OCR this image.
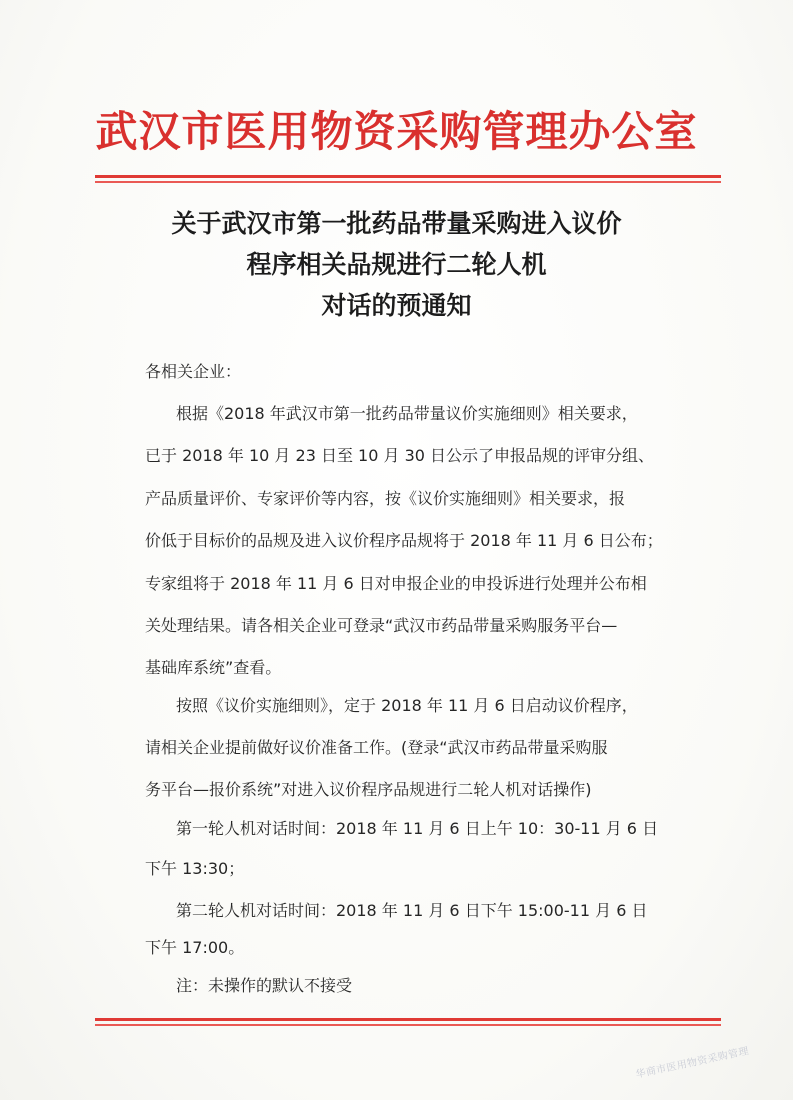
武汉市医用物资采购管理办公室
关于武汉市第一批药品带量采购进入议价
程序相关品规进行二轮人机
对话的预通知
各相关企业：
根据《2018 年武汉市第一批药品带量议价实施细则》相关要求，
已于 2018 年 10 月 23 日至 10 月 30 日公示了申报品规的评审分组、
产品质量评价、专家评价等内容，按《议价实施细则》相关要求，报
价低于目标价的品规及进入议价程序品规将于 2018 年 11 月 6 日公布；
专家组将于 2018 年 11 月 6 日对申报企业的申投诉进行处理并公布相
关处理结果。请各相关企业可登录“武汉市药品带量采购服务平台—
基础库系统”查看。
按照《议价实施细则》，定于 2018 年 11 月 6 日启动议价程序，
请相关企业提前做好议价准备工作。(登录“武汉市药品带量采购服
务平台—报价系统”对进入议价程序品规进行二轮人机对话操作)
第一轮人机对话时间：2018 年 11 月 6 日上午 10：30-11 月 6 日
下午 13:30；
第二轮人机对话时间：2018 年 11 月 6 日下午 15:00-11 月 6 日
下午 17:00。
注：未操作的默认不接受
华商市医用物资采购管理
